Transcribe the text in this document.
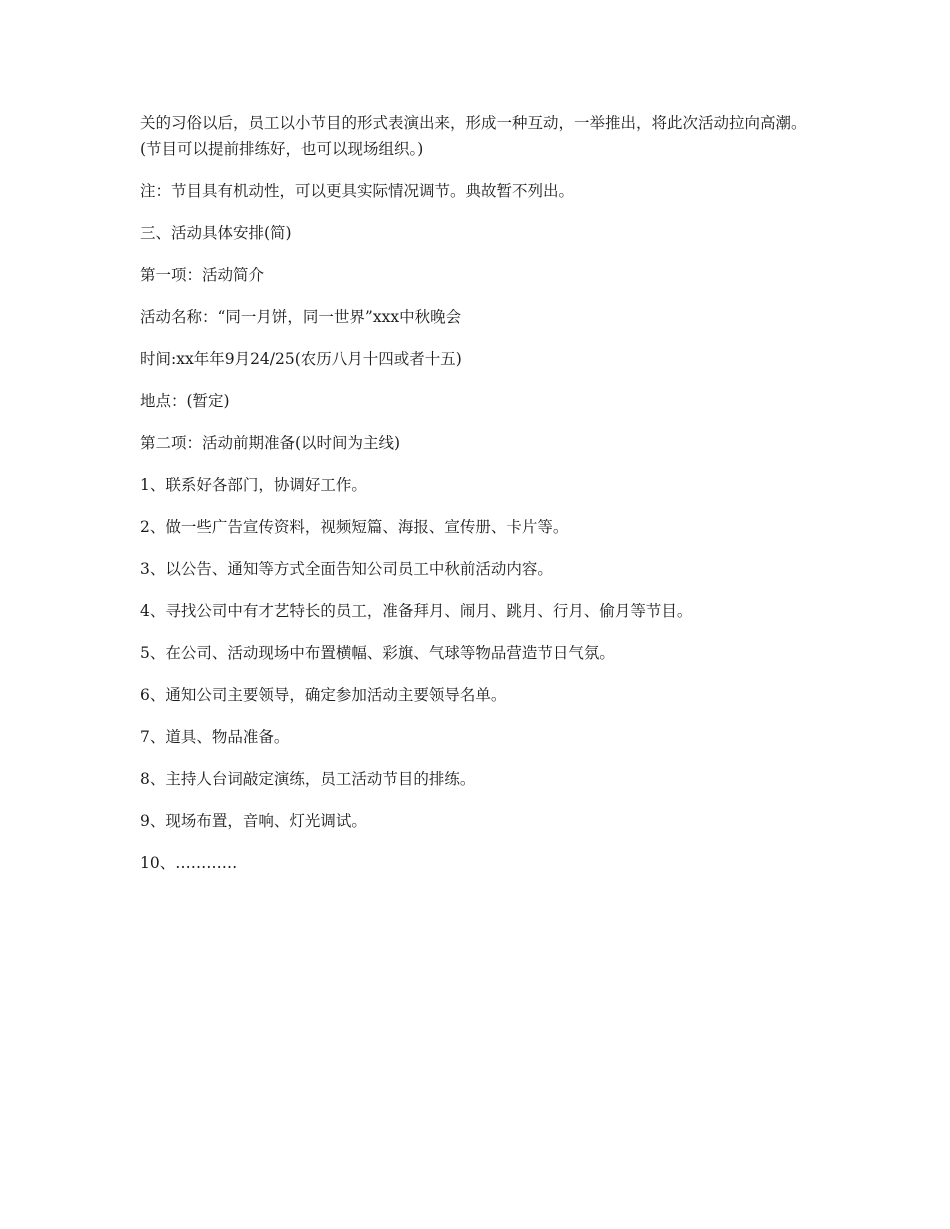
关的习俗以后，员工以小节目的形式表演出来，形成一种互动，一举推出，将此次活动拉向高潮。(节目可以提前排练好，也可以现场组织。)

注：节目具有机动性，可以更具实际情况调节。典故暂不列出。

三、活动具体安排(简)

第一项：活动简介

活动名称：“同一月饼，同一世界”xxx中秋晚会

时间:xx年年9月24/25(农历八月十四或者十五)

地点：(暂定)

第二项：活动前期准备(以时间为主线)

1、联系好各部门，协调好工作。

2、做一些广告宣传资料，视频短篇、海报、宣传册、卡片等。

3、以公告、通知等方式全面告知公司员工中秋前活动内容。

4、寻找公司中有才艺特长的员工，准备拜月、闹月、跳月、行月、偷月等节目。

5、在公司、活动现场中布置横幅、彩旗、气球等物品营造节日气氛。

6、通知公司主要领导，确定参加活动主要领导名单。

7、道具、物品准备。

8、主持人台词敲定演练，员工活动节目的排练。

9、现场布置，音响、灯光调试。

10、…………
